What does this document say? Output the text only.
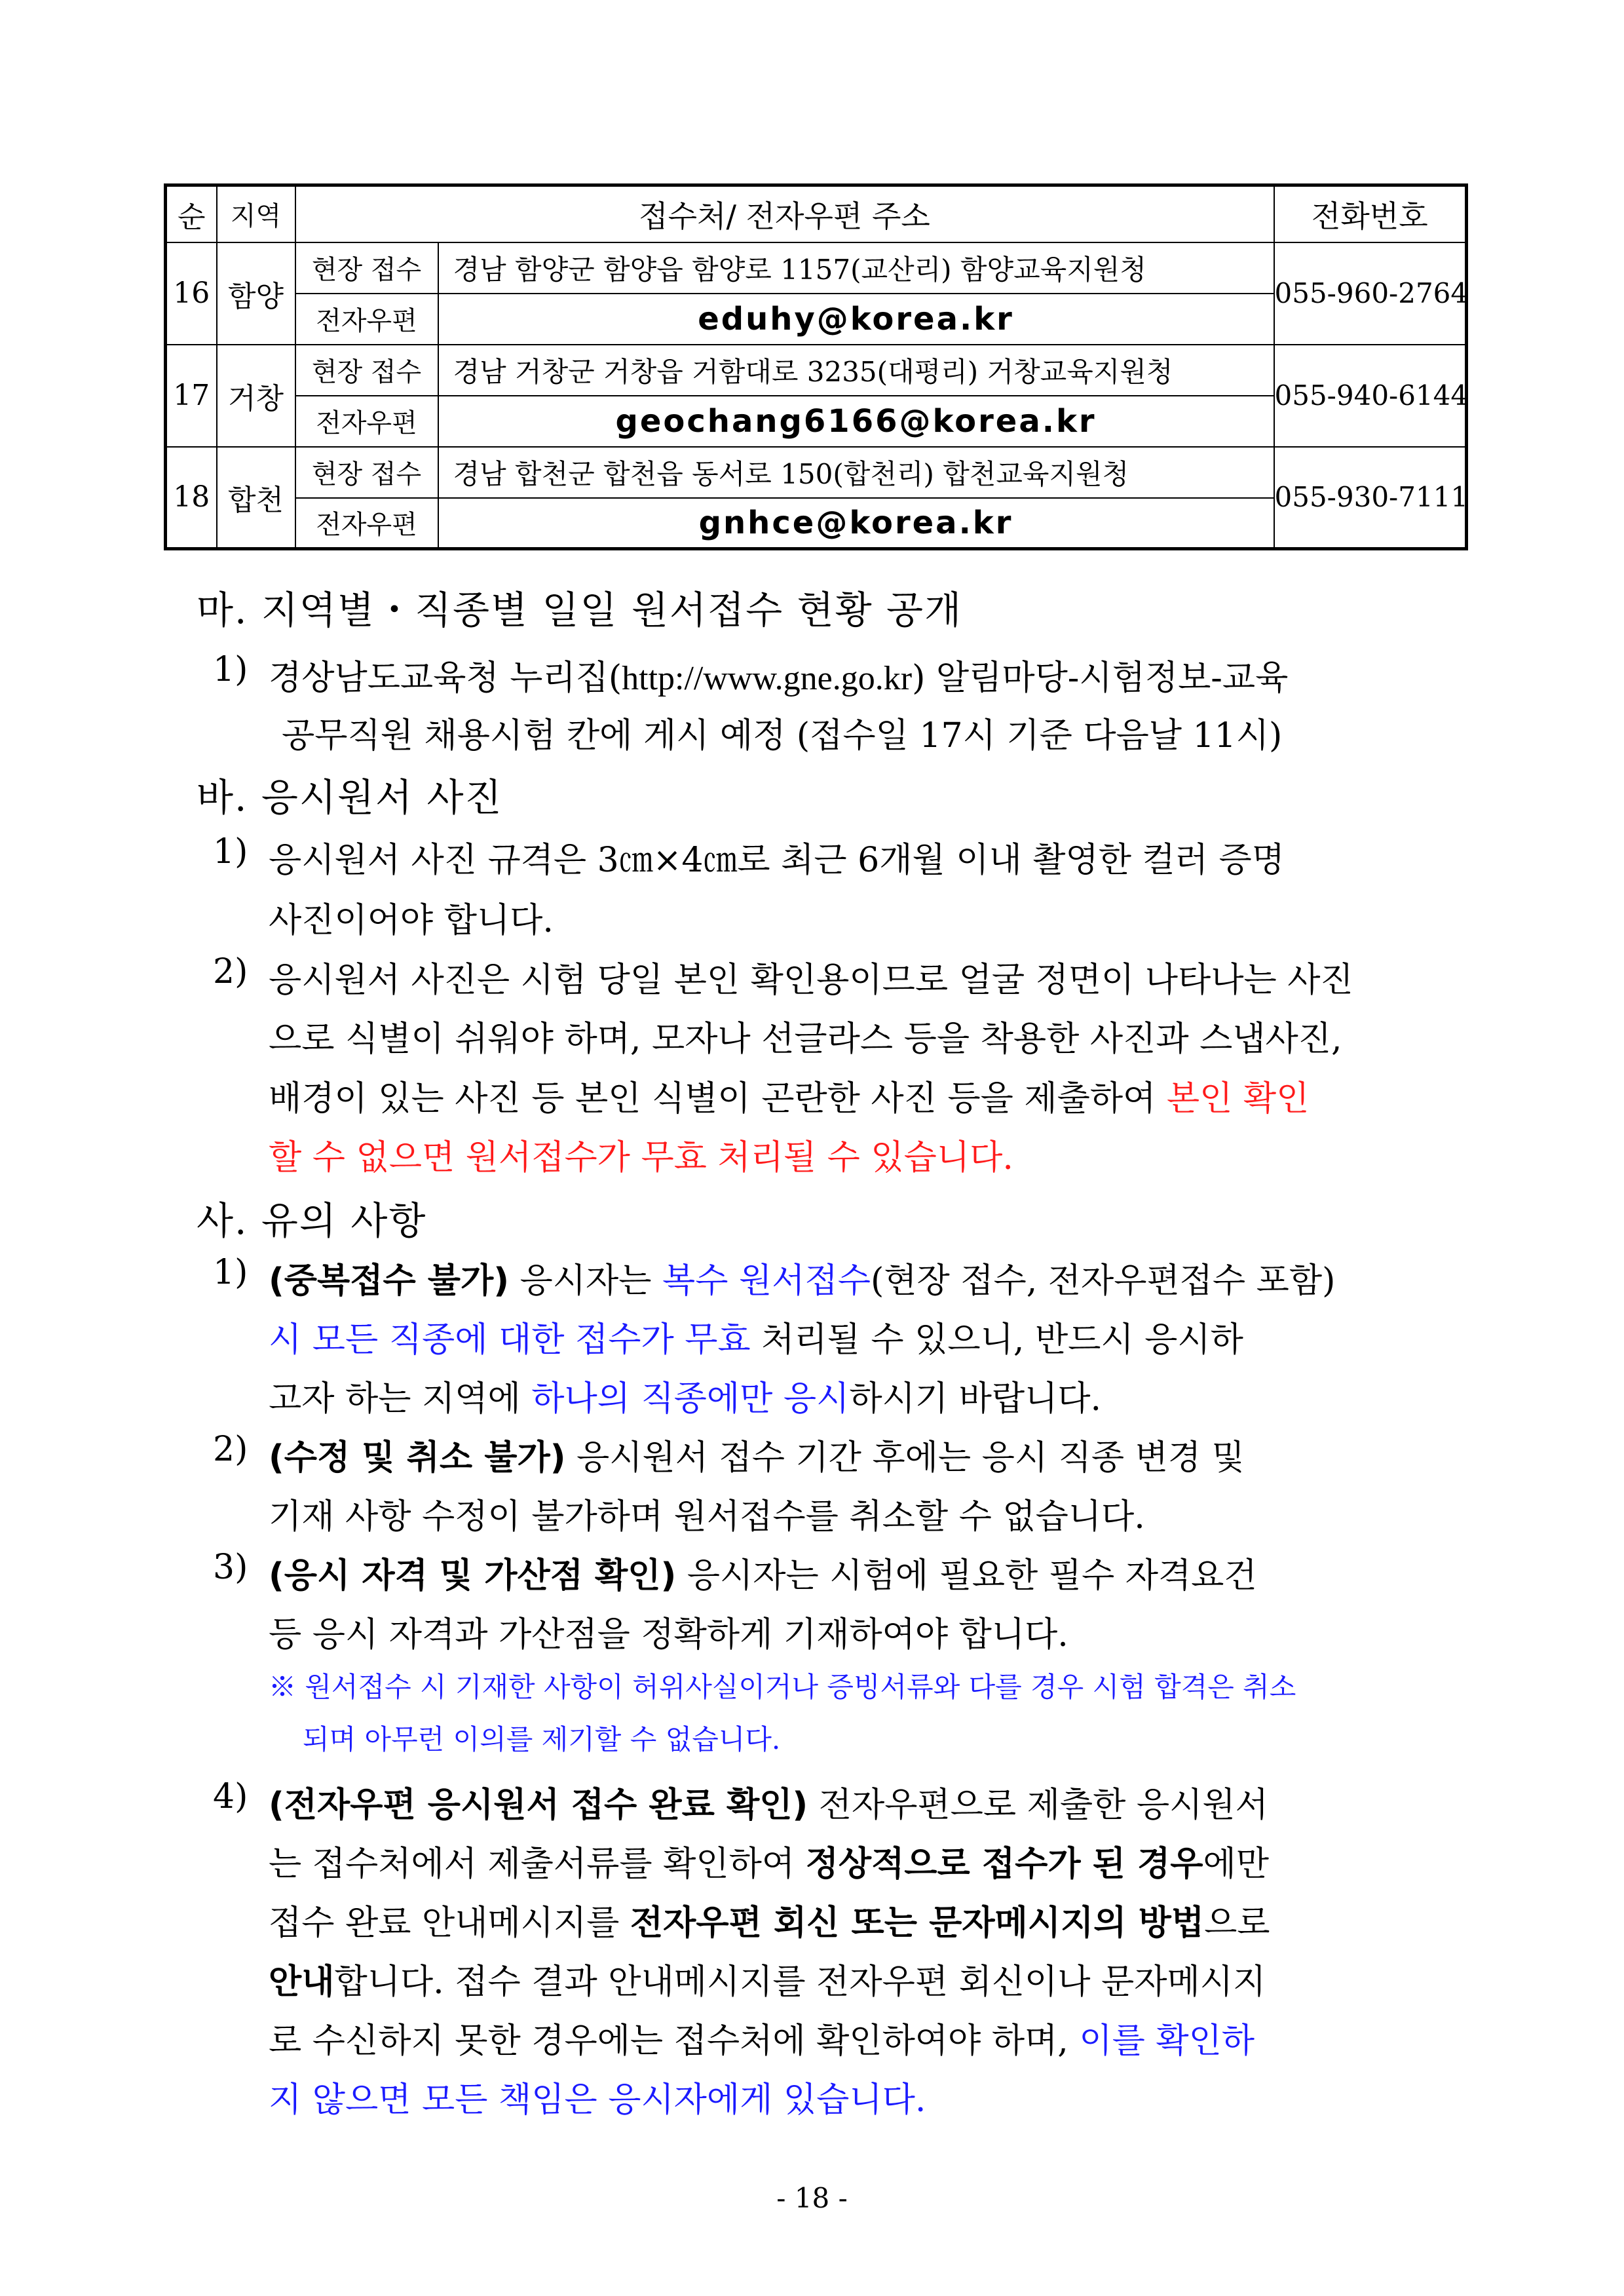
순	지역	접수처/ 전자우편 주소		전화번호
16	함양	현장 접수	경남 함양군 함양읍 함양로 1157(교산리) 함양교육지원청	055-960-2764
		전자우편	eduhy@korea.kr	
17	거창	현장 접수	경남 거창군 거창읍 거함대로 3235(대평리) 거창교육지원청	055-940-6144
		전자우편	geochang6166@korea.kr	
18	합천	현장 접수	경남 합천군 합천읍 동서로 150(합천리) 합천교육지원청	055-930-7111
		전자우편	gnhce@korea.kr	
마. 지역별・직종별 일일 원서접수 현황 공개
1) 경상남도교육청 누리집(http://www.gne.go.kr) 알림마당-시험정보-교육
공무직원 채용시험 칸에 게시 예정 (접수일 17시 기준 다음날 11시)
바. 응시원서 사진
1) 응시원서 사진 규격은 3㎝×4㎝로 최근 6개월 이내 촬영한 컬러 증명
사진이어야 합니다.
2) 응시원서 사진은 시험 당일 본인 확인용이므로 얼굴 정면이 나타나는 사진
으로 식별이 쉬워야 하며, 모자나 선글라스 등을 착용한 사진과 스냅사진,
배경이 있는 사진 등 본인 식별이 곤란한 사진 등을 제출하여 본인 확인
할 수 없으면 원서접수가 무효 처리될 수 있습니다.
사. 유의 사항
1) (중복접수 불가) 응시자는 복수 원서접수(현장 접수, 전자우편접수 포함)
시 모든 직종에 대한 접수가 무효 처리될 수 있으니, 반드시 응시하
고자 하는 지역에 하나의 직종에만 응시하시기 바랍니다.
2) (수정 및 취소 불가) 응시원서 접수 기간 후에는 응시 직종 변경 및
기재 사항 수정이 불가하며 원서접수를 취소할 수 없습니다.
3) (응시 자격 및 가산점 확인) 응시자는 시험에 필요한 필수 자격요건
등 응시 자격과 가산점을 정확하게 기재하여야 합니다.
※ 원서접수 시 기재한 사항이 허위사실이거나 증빙서류와 다를 경우 시험 합격은 취소
되며 아무런 이의를 제기할 수 없습니다.
4) (전자우편 응시원서 접수 완료 확인) 전자우편으로 제출한 응시원서
는 접수처에서 제출서류를 확인하여 정상적으로 접수가 된 경우에만
접수 완료 안내메시지를 전자우편 회신 또는 문자메시지의 방법으로
안내합니다. 접수 결과 안내메시지를 전자우편 회신이나 문자메시지
로 수신하지 못한 경우에는 접수처에 확인하여야 하며, 이를 확인하
지 않으면 모든 책임은 응시자에게 있습니다.
- 18 -
